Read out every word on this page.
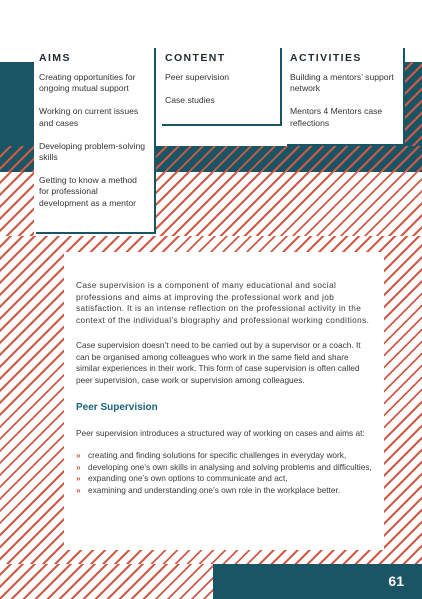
AIMS
Creating opportunities for ongoing mutual support
Working on current issues and cases
Developing problem-solving skills
Getting to know a method for professional development as a mentor
CONTENT
Peer supervision
Case studies
ACTIVITIES
Building a mentors’ support network
Mentors 4 Mentors case reflections

Case supervision is a component of many educational and social professions and aims at improving the professional work and job satisfaction. It is an intense reflection on the professional activity in the context of the individual’s biography and professional working conditions.

Case supervision doesn’t need to be carried out by a supervisor or a coach. It can be organised among colleagues who work in the same field and share similar experiences in their work. This form of case supervision is often called peer supervision, case work or supervision among colleagues.

Peer Supervision

Peer supervision introduces a structured way of working on cases and aims at:

» creating and finding solutions for specific challenges in everyday work,
» developing one’s own skills in analysing and solving problems and difficulties,
» expanding one’s own options to communicate and act,
» examining and understanding one’s own role in the workplace better.
61
